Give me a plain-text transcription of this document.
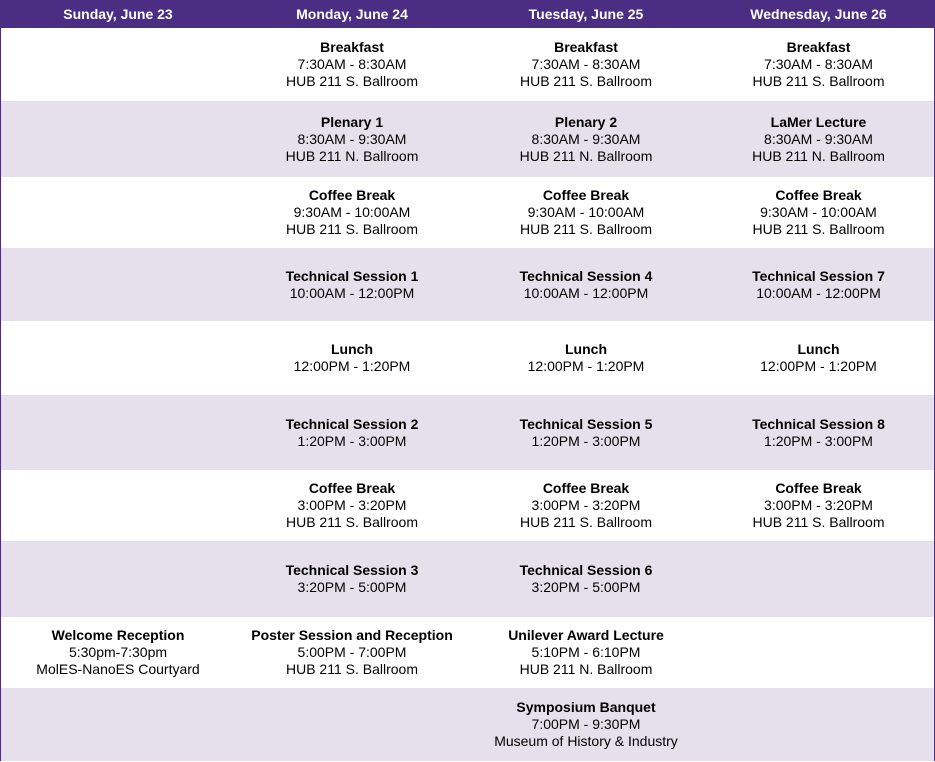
Sunday, June 23	Monday, June 24	Tuesday, June 25	Wednesday, June 26

	Breakfast
7:30AM - 8:30AM
HUB 211 S. Ballroom	Breakfast
7:30AM - 8:30AM
HUB 211 S. Ballroom	Breakfast
7:30AM - 8:30AM
HUB 211 S. Ballroom

	Plenary 1
8:30AM - 9:30AM
HUB 211 N. Ballroom	Plenary 2
8:30AM - 9:30AM
HUB 211 N. Ballroom	LaMer Lecture
8:30AM - 9:30AM
HUB 211 N. Ballroom

	Coffee Break
9:30AM - 10:00AM
HUB 211 S. Ballroom	Coffee Break
9:30AM - 10:00AM
HUB 211 S. Ballroom	Coffee Break
9:30AM - 10:00AM
HUB 211 S. Ballroom

	Technical Session 1
10:00AM - 12:00PM	Technical Session 4
10:00AM - 12:00PM	Technical Session 7
10:00AM - 12:00PM

	Lunch
12:00PM - 1:20PM	Lunch
12:00PM - 1:20PM	Lunch
12:00PM - 1:20PM

	Technical Session 2
1:20PM - 3:00PM	Technical Session 5
1:20PM - 3:00PM	Technical Session 8
1:20PM - 3:00PM

	Coffee Break
3:00PM - 3:20PM
HUB 211 S. Ballroom	Coffee Break
3:00PM - 3:20PM
HUB 211 S. Ballroom	Coffee Break
3:00PM - 3:20PM
HUB 211 S. Ballroom

	Technical Session 3
3:20PM - 5:00PM	Technical Session 6
3:20PM - 5:00PM	

Welcome Reception
5:30pm-7:30pm
MolES-NanoES Courtyard	Poster Session and Reception
5:00PM - 7:00PM
HUB 211 S. Ballroom	Unilever Award Lecture
5:10PM - 6:10PM
HUB 211 N. Ballroom	

		Symposium Banquet
7:00PM - 9:30PM
Museum of History & Industry	
